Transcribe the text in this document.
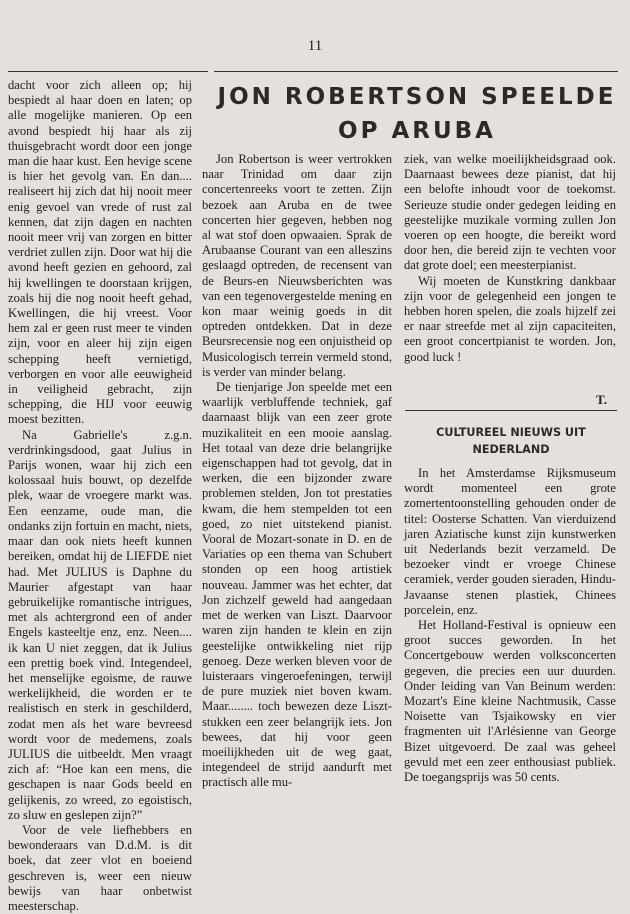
11

dacht voor zich alleen op; hij bespiedt al haar doen en laten; op alle mogelijke manieren. Op een avond bespiedt hij haar als zij thuisgebracht wordt door een jonge man die haar kust. Een hevige scene is hier het gevolg van. En dan.... realiseert hij zich dat hij nooit meer enig gevoel van vrede of rust zal kennen, dat zijn dagen en nachten nooit meer vrij van zorgen en bitter verdriet zullen zijn. Door wat hij die avond heeft gezien en gehoord, zal hij kwellingen te doorstaan krijgen, zoals hij die nog nooit heeft gehad, Kwellingen, die hij vreest. Voor hem zal er geen rust meer te vinden zijn, voor en aleer hij zijn eigen schepping heeft vernietigd, verborgen en voor alle eeuwigheid in veiligheid gebracht, zijn schepping, die HIJ voor eeuwig moest bezitten.

Na Gabrielle's z.g.n. verdrinkingsdood, gaat Julius in Parijs wonen, waar hij zich een kolossaal huis bouwt, op dezelfde plek, waar de vroegere markt was. Een eenzame, oude man, die ondanks zijn fortuin en macht, niets, maar dan ook niets heeft kunnen bereiken, omdat hij de LIEFDE niet had. Met JULIUS is Daphne du Maurier afgestapt van haar gebruikelijke romantische intrigues, met als achtergrond een of ander Engels kasteeltje enz, enz. Neen.... ik kan U niet zeggen, dat ik Julius een prettig boek vind. Integendeel, het menselijke egoisme, de rauwe werkelijkheid, die worden er te realistisch en sterk in geschilderd, zodat men als het ware bevreesd wordt voor de medemens, zoals JULIUS die uitbeeldt. Men vraagt zich af: “Hoe kan een mens, die geschapen is naar Gods beeld en gelijkenis, zo wreed, zo egoistisch, zo sluw en geslepen zijn?”

Voor de vele liefhebbers en bewonderaars van D.d.M. is dit boek, dat zeer vlot en boeiend geschreven is, weer een nieuw bewijs van haar onbetwist meesterschap.

JON ROBERTSON SPEELDE
OP ARUBA

Jon Robertson is weer vertrokken naar Trinidad om daar zijn concertenreeks voort te zetten. Zijn bezoek aan Aruba en de twee concerten hier gegeven, hebben nog al wat stof doen opwaaien. Sprak de Arubaanse Courant van een alleszins geslaagd optreden, de recensent van de Beurs-en Nieuwsberichten was van een tegenovergestelde mening en kon maar weinig goeds in dit optreden ontdekken. Dat in deze Beursrecensie nog een onjuistheid op Musicologisch terrein vermeld stond, is verder van minder belang.

De tienjarige Jon speelde met een waarlijk verbluffende techniek, gaf daarnaast blijk van een zeer grote muzikaliteit en een mooie aanslag. Het totaal van deze drie belangrijke eigenschappen had tot gevolg, dat in werken, die een bijzonder zware problemen stelden, Jon tot prestaties kwam, die hem stempelden tot een goed, zo niet uitstekend pianist. Vooral de Mozart-sonate in D. en de Variaties op een thema van Schubert stonden op een hoog artistiek nouveau. Jammer was het echter, dat Jon zichzelf geweld had aangedaan met de werken van Liszt. Daarvoor waren zijn handen te klein en zijn geestelijke ontwikkeling niet rijp genoeg. Deze werken bleven voor de luisteraars vingeroefeningen, terwijl de pure muziek niet boven kwam. Maar........ toch bewezen deze Liszt-stukken een zeer belangrijk iets. Jon bewees, dat hij voor geen moeilijkheden uit de weg gaat, integendeel de strijd aandurft met practisch alle mu-

ziek, van welke moeilijkheidsgraad ook. Daarnaast bewees deze pianist, dat hij een belofte inhoudt voor de toekomst. Serieuze studie onder gedegen leiding en geestelijke muzikale vorming zullen Jon voeren op een hoogte, die bereikt word door hen, die bereid zijn te vechten voor dat grote doel; een meesterpianist.

Wij moeten de Kunstkring dankbaar zijn voor de gelegenheid een jongen te hebben horen spelen, die zoals hijzelf zei er naar streefde met al zijn capaciteiten, een groot concertpianist te worden. Jon, good luck !

T.
CULTUREEL NIEUWS UIT
NEDERLAND

In het Amsterdamse Rijksmuseum wordt momenteel een grote zomertentoonstelling gehouden onder de titel: Oosterse Schatten. Van vierduizend jaren Aziatische kunst zijn kunstwerken uit Nederlands bezit verzameld. De bezoeker vindt er vroege Chinese ceramiek, verder gouden sieraden, Hindu-Javaanse stenen plastiek, Chinees porcelein, enz.

Het Holland-Festival is opnieuw een groot succes geworden. In het Concertgebouw werden volksconcerten gegeven, die precies een uur duurden. Onder leiding van Van Beinum werden: Mozart's Eine kleine Nachtmusik, Casse Noisette van Tsjaikowsky en vier fragmenten uit l'Arlésienne van George Bizet uitgevoerd. De zaal was geheel gevuld met een zeer enthousiast publiek. De toegangsprijs was 50 cents.
